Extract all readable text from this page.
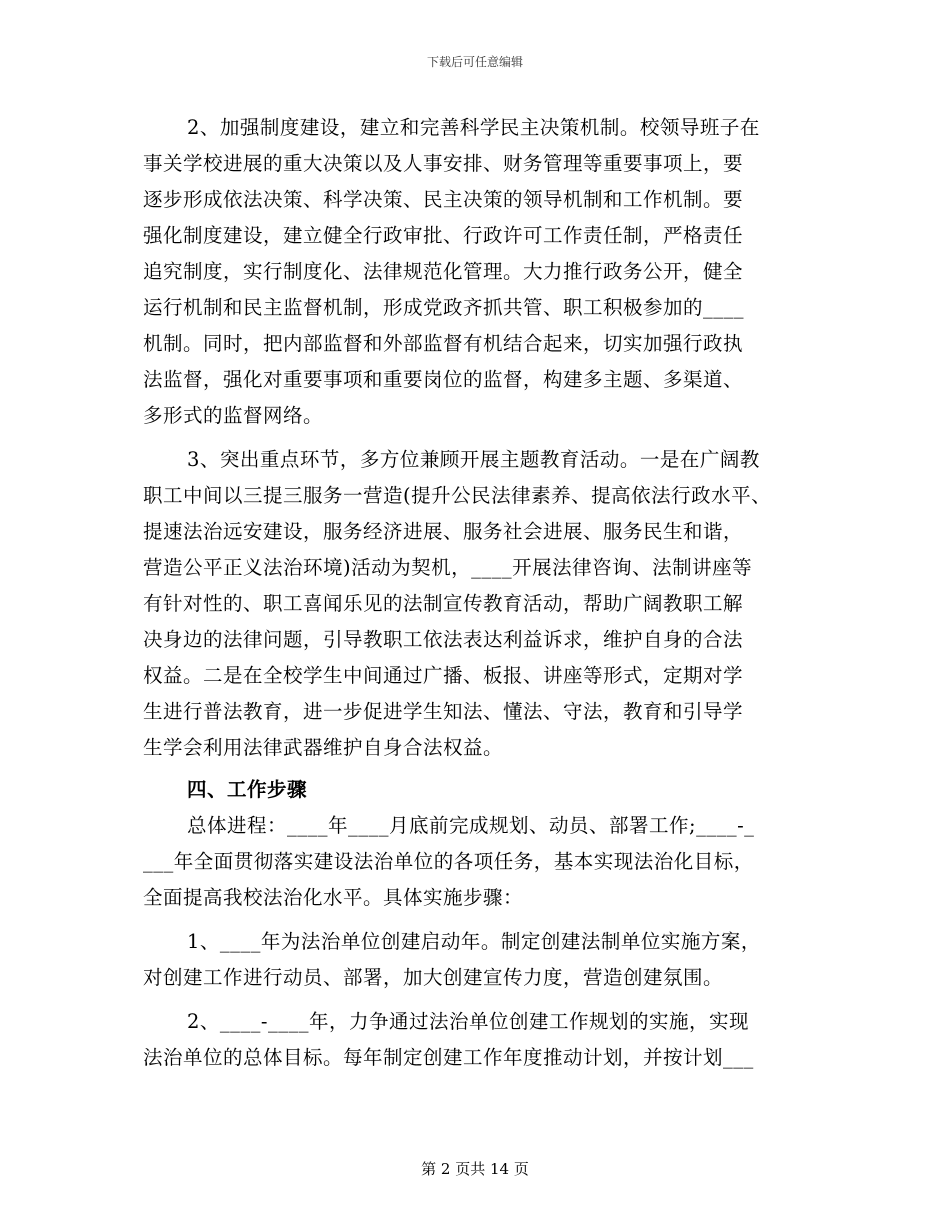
下载后可任意编辑

2、加强制度建设，建立和完善科学民主决策机制。校领导班子在

事关学校进展的重大决策以及人事安排、财务管理等重要事项上，要

逐步形成依法决策、科学决策、民主决策的领导机制和工作机制。要

强化制度建设，建立健全行政审批、行政许可工作责任制，严格责任

追究制度，实行制度化、法律规范化管理。大力推行政务公开，健全

运行机制和民主监督机制，形成党政齐抓共管、职工积极参加的____

机制。同时，把内部监督和外部监督有机结合起来，切实加强行政执

法监督，强化对重要事项和重要岗位的监督，构建多主题、多渠道、

多形式的监督网络。

3、突出重点环节，多方位兼顾开展主题教育活动。一是在广阔教

职工中间以三提三服务一营造(提升公民法律素养、提高依法行政水平、

提速法治远安建设，服务经济进展、服务社会进展、服务民生和谐，

营造公平正义法治环境)活动为契机，____开展法律咨询、法制讲座等

有针对性的、职工喜闻乐见的法制宣传教育活动，帮助广阔教职工解

决身边的法律问题，引导教职工依法表达利益诉求，维护自身的合法

权益。二是在全校学生中间通过广播、板报、讲座等形式，定期对学

生进行普法教育，进一步促进学生知法、懂法、守法，教育和引导学

生学会利用法律武器维护自身合法权益。

四、工作步骤

总体进程：____年____月底前完成规划、动员、部署工作;____-_

___年全面贯彻落实建设法治单位的各项任务，基本实现法治化目标，

全面提高我校法治化水平。具体实施步骤：

1、____年为法治单位创建启动年。制定创建法制单位实施方案，

对创建工作进行动员、部署，加大创建宣传力度，营造创建氛围。

2、____-____年，力争通过法治单位创建工作规划的实施，实现

法治单位的总体目标。每年制定创建工作年度推动计划，并按计划___

第 2 页共 14 页
